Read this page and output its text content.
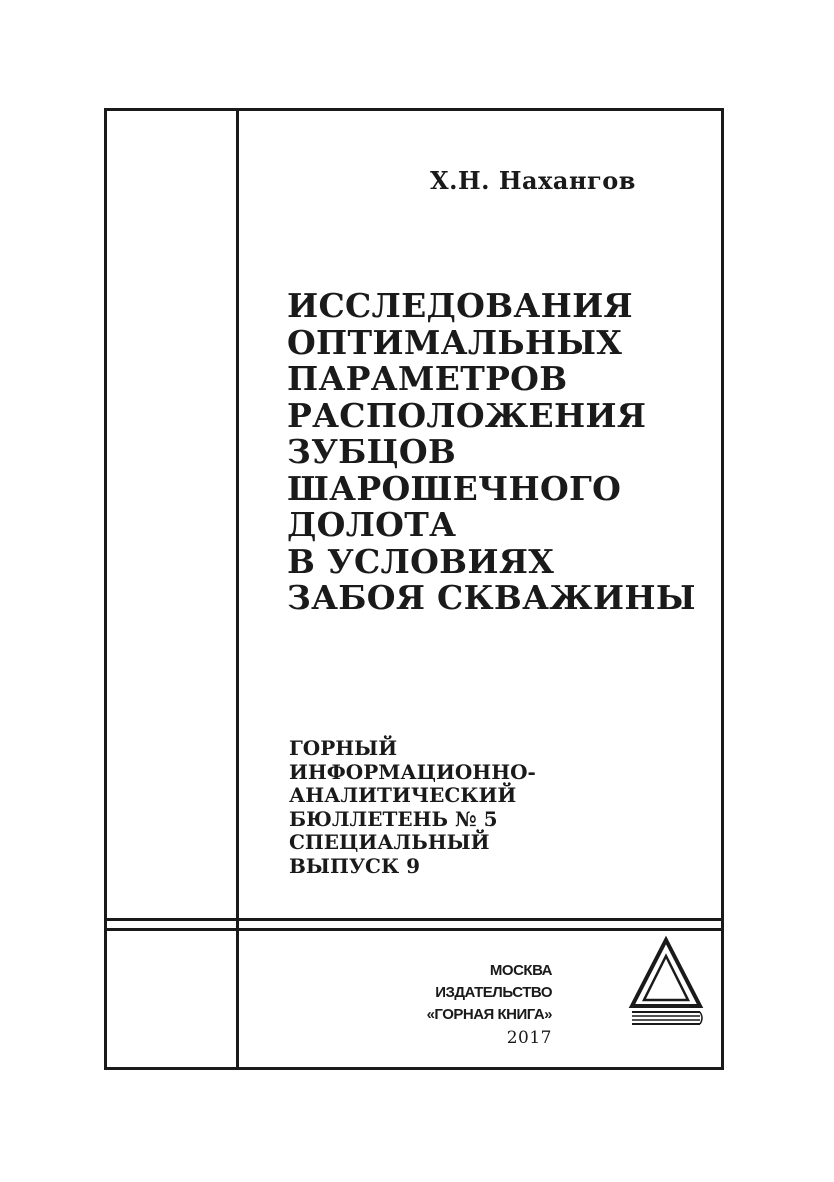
Х.Н. Нахангов
ИССЛЕДОВАНИЯ
ОПТИМАЛЬНЫХ
ПАРАМЕТРОВ
РАСПОЛОЖЕНИЯ
ЗУБЦОВ
ШАРОШЕЧНОГО
ДОЛОТА
В УСЛОВИЯХ
ЗАБОЯ СКВАЖИНЫ
ГОРНЫЙ
ИНФОРМАЦИОННО-
АНАЛИТИЧЕСКИЙ
БЮЛЛЕТЕНЬ № 5
СПЕЦИАЛЬНЫЙ
ВЫПУСК 9
МОСКВА
ИЗДАТЕЛЬСТВО
«ГОРНАЯ КНИГА»
2017
